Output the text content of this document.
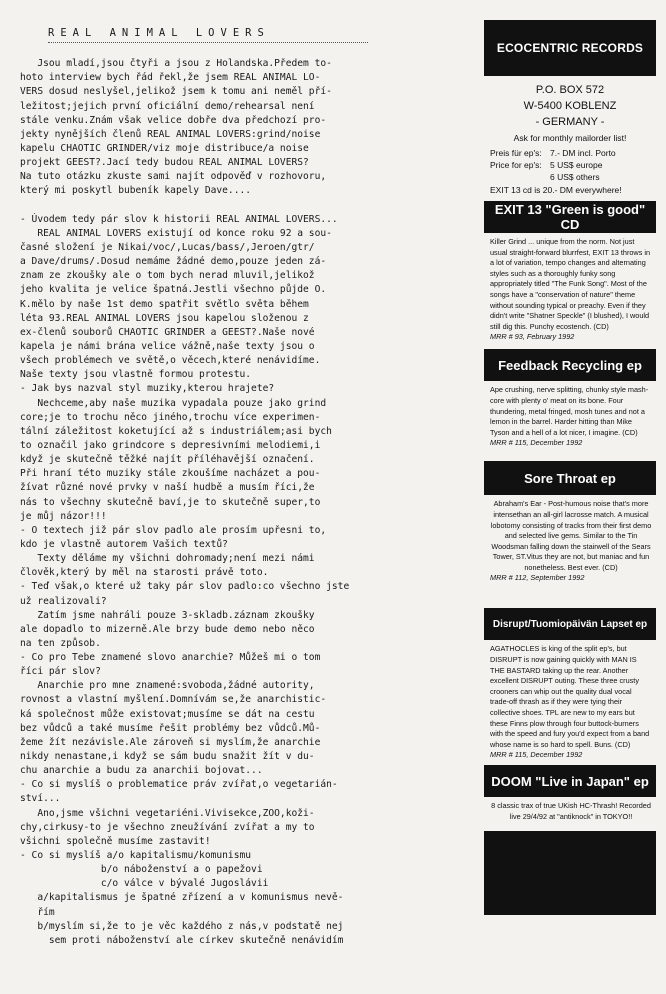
REAL ANIMAL LOVERS
Jsou mladí,jsou čtyři a jsou z Holandska.Předem to-
hoto interview bych řád řekl,že jsem REAL ANIMAL LO-
VERS dosud neslyšel,jelikož jsem k tomu ani neměl pří-
ležitost;jejich první oficiální demo/rehearsal není
stále venku.Znám však velice dobře dva předchozí pro-
jekty nynějších členů REAL ANIMAL LOVERS:grind/noise
kapelu CHAOTIC GRINDER/viz moje distribuce/a noise
projekt GEEST?.Jací tedy budou REAL ANIMAL LOVERS?
Na tuto otázku zkuste sami najít odpověď v rozhovoru,
který mi poskytl bubeník kapely Dave....
- Úvodem tedy pár slov k historii REAL ANIMAL LOVERS...
REAL ANIMAL LOVERS existují od konce roku 92 a sou-
časné složení je Nikai/voc/,Lucas/bass/,Jeroen/gtr/
a Dave/drums/.Dosud nemáme žádné demo,pouze jeden zá-
znam ze zkoušky ale o tom bych nerad mluvil,jelikož
jeho kvalita je velice špatná.Jestli všechno půjde O.
K.mělo by naše 1st demo spatřit světlo světa během
léta 93.REAL ANIMAL LOVERS jsou kapelou složenou z
ex-členů souborů CHAOTIC GRINDER a GEEST?.Naše nové
kapela je námi brána velice vážně,naše texty jsou o
všech problémech ve světě,o věcech,které nenávidíme.
Naše texty jsou vlastně formou protestu.
- Jak bys nazval styl muziky,kterou hrajete?
Nechceme,aby naše muzika vypadala pouze jako grind
core;je to trochu něco jiného,trochu více experimen-
tální záležitost koketující až s industriálem;asi bych
to označil jako grindcore s depresivními melodiemi,i
když je skutečně těžké najít příléhavější označení.
Při hraní této muziky stále zkoušíme nacházet a pou-
žívat různé nové prvky v naší hudbě a musím říci,že
nás to všechny skutečně baví,je to skutečně super,to
je můj názor!!!
- O textech již pár slov padlo ale prosím upřesni to,
kdo je vlastně autorem Vašich textů?
Texty děláme my všichni dohromady;není mezi námi
člověk,který by měl na starosti právě toto.
- Teď však,o které už taky pár slov padlo:co všechno jste
už realizovali?
Zatím jsme nahráli pouze 3-skladb.záznam zkoušky
ale dopadlo to mizerně.Ale brzy bude demo nebo něco
na ten způsob.
- Co pro Tebe znamené slovo anarchie? Můžeš mi o tom
říci pár slov?
Anarchie pro mne znamené:svoboda,žádné autority,
rovnost a vlastní myšlení.Domnívám se,že anarchistic-
ká společnost může existovat;musíme se dát na cestu
bez vůdců a také musíme řešit problémy bez vůdců.Mů-
žeme žít nezávisle.Ale zároveň si myslím,že anarchie
nikdy nenastane,i když se sám budu snažit žít v du-
chu anarchie a budu za anarchii bojovat...
- Co si myslíš o problematice práv zvířat,o vegetarián-
ství...
Ano,jsme všichni vegetariéni.Vivisekce,ZOO,koži-
chy,cirkusy-to je všechno zneužívání zvířat a my to
všichni společně musíme zastavit!
- Co si myslíš a/o kapitalismu/komunismu
b/o náboženství a o papežovi
c/o válce v bývalé Jugoslávii
a/kapitalismus je špatné zřízení a v komunismus nevě-
řím
b/myslím si,že to je věc každého z nás,v podstatě nej
sem proti náboženství ale církev skutečně nenávidím
ECOCENTRIC RECORDS
P.O. BOX 572
W-5400 KOBLENZ
- GERMANY -
Ask for monthly mailorder list!
Preis für ep's: 7.- DM incl. Porto
Price for ep's: 5 US$ europe
6 US$ others
EXIT 13 cd is 20.- DM everywhere!
EXIT 13 "Green is good" CD
Killer Grind ... unique from the norm. Not just usual straight-forward blurrfest, EXIT 13 throws in a lot of variation, tempo changes and alternating styles such as a thoroughly funky song appropriately titled "The Funk Song". Most of the songs have a "conservation of nature" theme without sounding typical or preachy. Even if they didn't write "Shatner Speckle" (I blushed), I would still dig this. Punchy ecostench. (CD)
MRR # 93, February 1992
Feedback Recycling ep
Ape crushing, nerve splitting, chunky style mash-core with plenty o' meat on its bone. Four thundering, metal fringed, mosh tunes and not a lemon in the barrel. Harder hitting than Mike Tyson and a hell of a lot nicer, I imagine. (CD)
MRR # 115, December 1992
Sore Throat ep
Abraham's Ear - Post-humous noise that's more intensethan an all-girl lacrosse match. A musical lobotomy consisting of tracks from their first demo and selected live gems. Similar to the Tin Woodsman falling down the stairwell of the Sears Tower, ST.Vitus they are not, but maniac and fun nonetheless. Best ever. (CD)
MRR # 112, September 1992
Disrupt/Tuomiopäivän Lapset ep
AGATHOCLES is king of the split ep's, but DISRUPT is now gaining quickly with MAN IS THE BASTARD taking up the rear. Another excellent DISRUPT outing. These three crusty crooners can whip out the quality dual vocal trade-off thrash as if they were tying their collective shoes. TPL are new to my ears but these Finns plow through four buttock-burners with the speed and fury you'd expect from a band whose name is so hard to spell. Buns. (CD)
MRR # 115, December 1992
DOOM "Live in Japan" ep
8 classic trax of true UKish HC-Thrash! Recorded live 29/4/92 at "antiknock" in TOKYO!!
